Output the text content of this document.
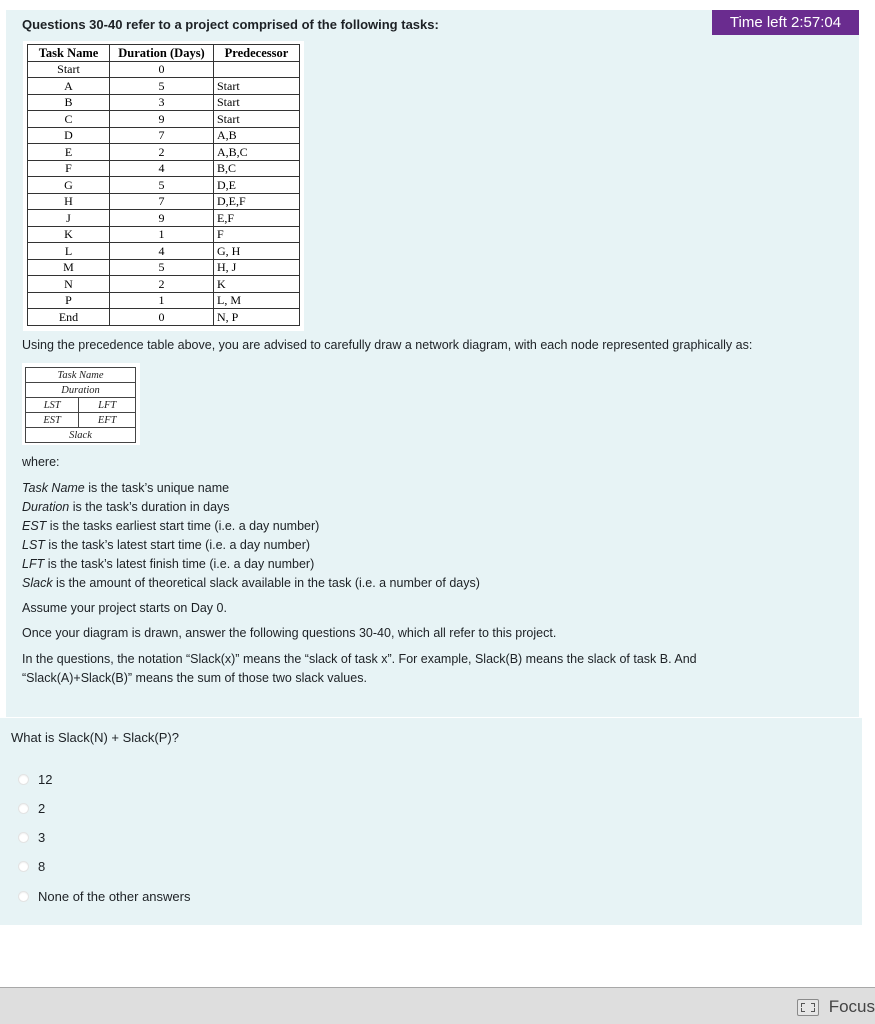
Questions 30-40 refer to a project comprised of the following tasks:	Time left 2:57:04
Task Name	Duration (Days)	Predecessor
Start	0	
A	5	Start
B	3	Start
C	9	Start
D	7	A,B
E	2	A,B,C
F	4	B,C
G	5	D,E
H	7	D,E,F
J	9	E,F
K	1	F
L	4	G, H
M	5	H, J
N	2	K
P	1	L, M
End	0	N, P
Using the precedence table above, you are advised to carefully draw a network diagram, with each node represented graphically as:
Task Name	
Duration	
LST	LFT
EST	EFT
Slack	
where:
Task Name is the task’s unique name
Duration is the task’s duration in days
EST is the tasks earliest start time (i.e. a day number)
LST is the task’s latest start time (i.e. a day number)
LFT is the task’s latest finish time (i.e. a day number)
Slack is the amount of theoretical slack available in the task (i.e. a number of days)
Assume your project starts on Day 0.
Once your diagram is drawn, answer the following questions 30-40, which all refer to this project.
In the questions, the notation “Slack(x)” means the “slack of task x”. For example, Slack(B) means the slack of task B. And
“Slack(A)+Slack(B)” means the sum of those two slack values.
What is Slack(N) + Slack(P)?
12
2
3
8
None of the other answers
Focus
